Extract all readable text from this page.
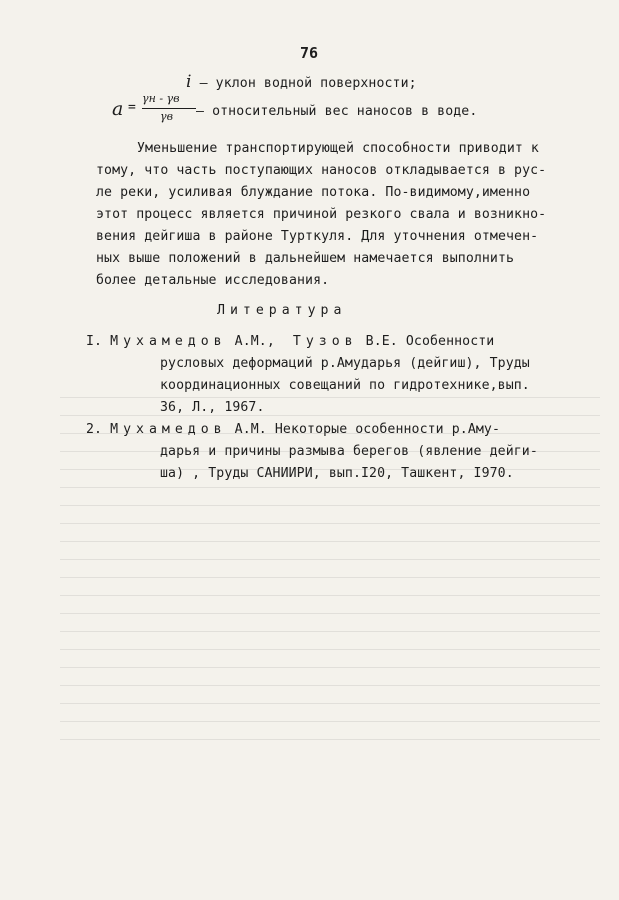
76
i – уклон водной поверхности;
a =
γн - γв
γв – относительный вес наносов в воде.
Уменьшение транспортирующей способности приводит к
тому, что часть поступающих наносов откладывается в рус-
ле реки, усиливая блуждание потока. По-видимому,именно
этот процесс является причиной резкого свала и возникно-
вения дейгиша в районе Турткуля. Для уточнения отмечен-
ных выше положений в дальнейшем намечается выполнить
более детальные исследования.
Литература
I. Мухамедов А.М., Тузов В.Е. Особенности
русловых деформаций р.Амударья (дейгиш), Труды
координационных совещаний по гидротехнике,вып.
36, Л., 1967.
2. Мухамедов А.М. Некоторые особенности р.Аму-
дарья и причины размыва берегов (явление дейги-
ша) , Труды САНИИРИ, вып.I20, Ташкент, I970.
